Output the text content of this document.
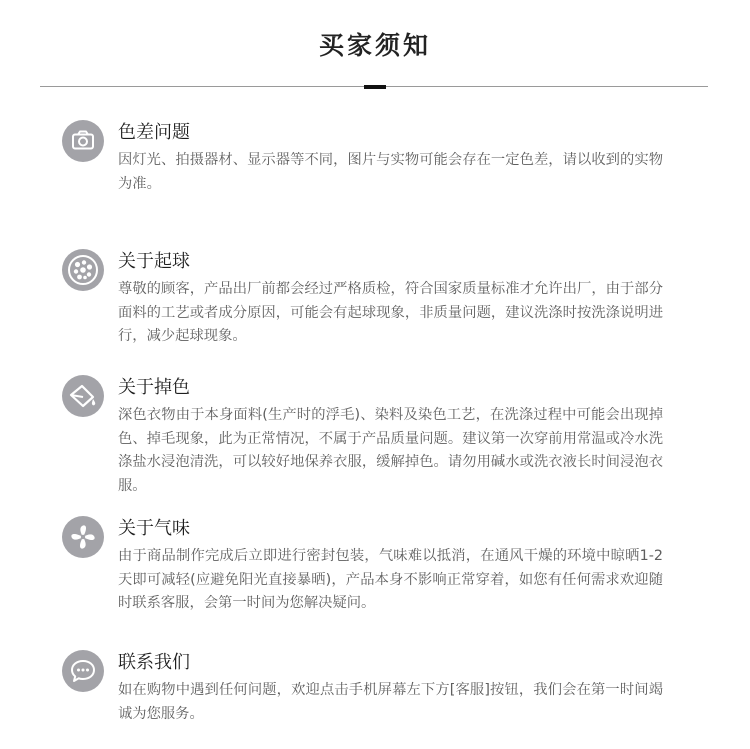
买家须知
色差问题

因灯光、拍摄器材、显示器等不同，图片与实物可能会存在一定色差，请以收到的实物为准。

关于起球

尊敬的顾客，产品出厂前都会经过严格质检，符合国家质量标准才允许出厂，由于部分面料的工艺或者成分原因，可能会有起球现象，非质量问题，建议洗涤时按洗涤说明进行，减少起球现象。

关于掉色

深色衣物由于本身面料(生产时的浮毛)、染料及染色工艺，在洗涤过程中可能会出现掉色、掉毛现象，此为正常情况，不属于产品质量问题。建议第一次穿前用常温或冷水洗涤盐水浸泡清洗，可以较好地保养衣服，缓解掉色。请勿用碱水或洗衣液长时间浸泡衣服。

关于气味

由于商品制作完成后立即进行密封包装，气味难以抵消，在通风干燥的环境中晾晒1-2天即可减轻(应避免阳光直接暴晒)，产品本身不影响正常穿着，如您有任何需求欢迎随时联系客服，会第一时间为您解决疑问。

联系我们

如在购物中遇到任何问题，欢迎点击手机屏幕左下方[客服]按钮，我们会在第一时间竭诚为您服务。
